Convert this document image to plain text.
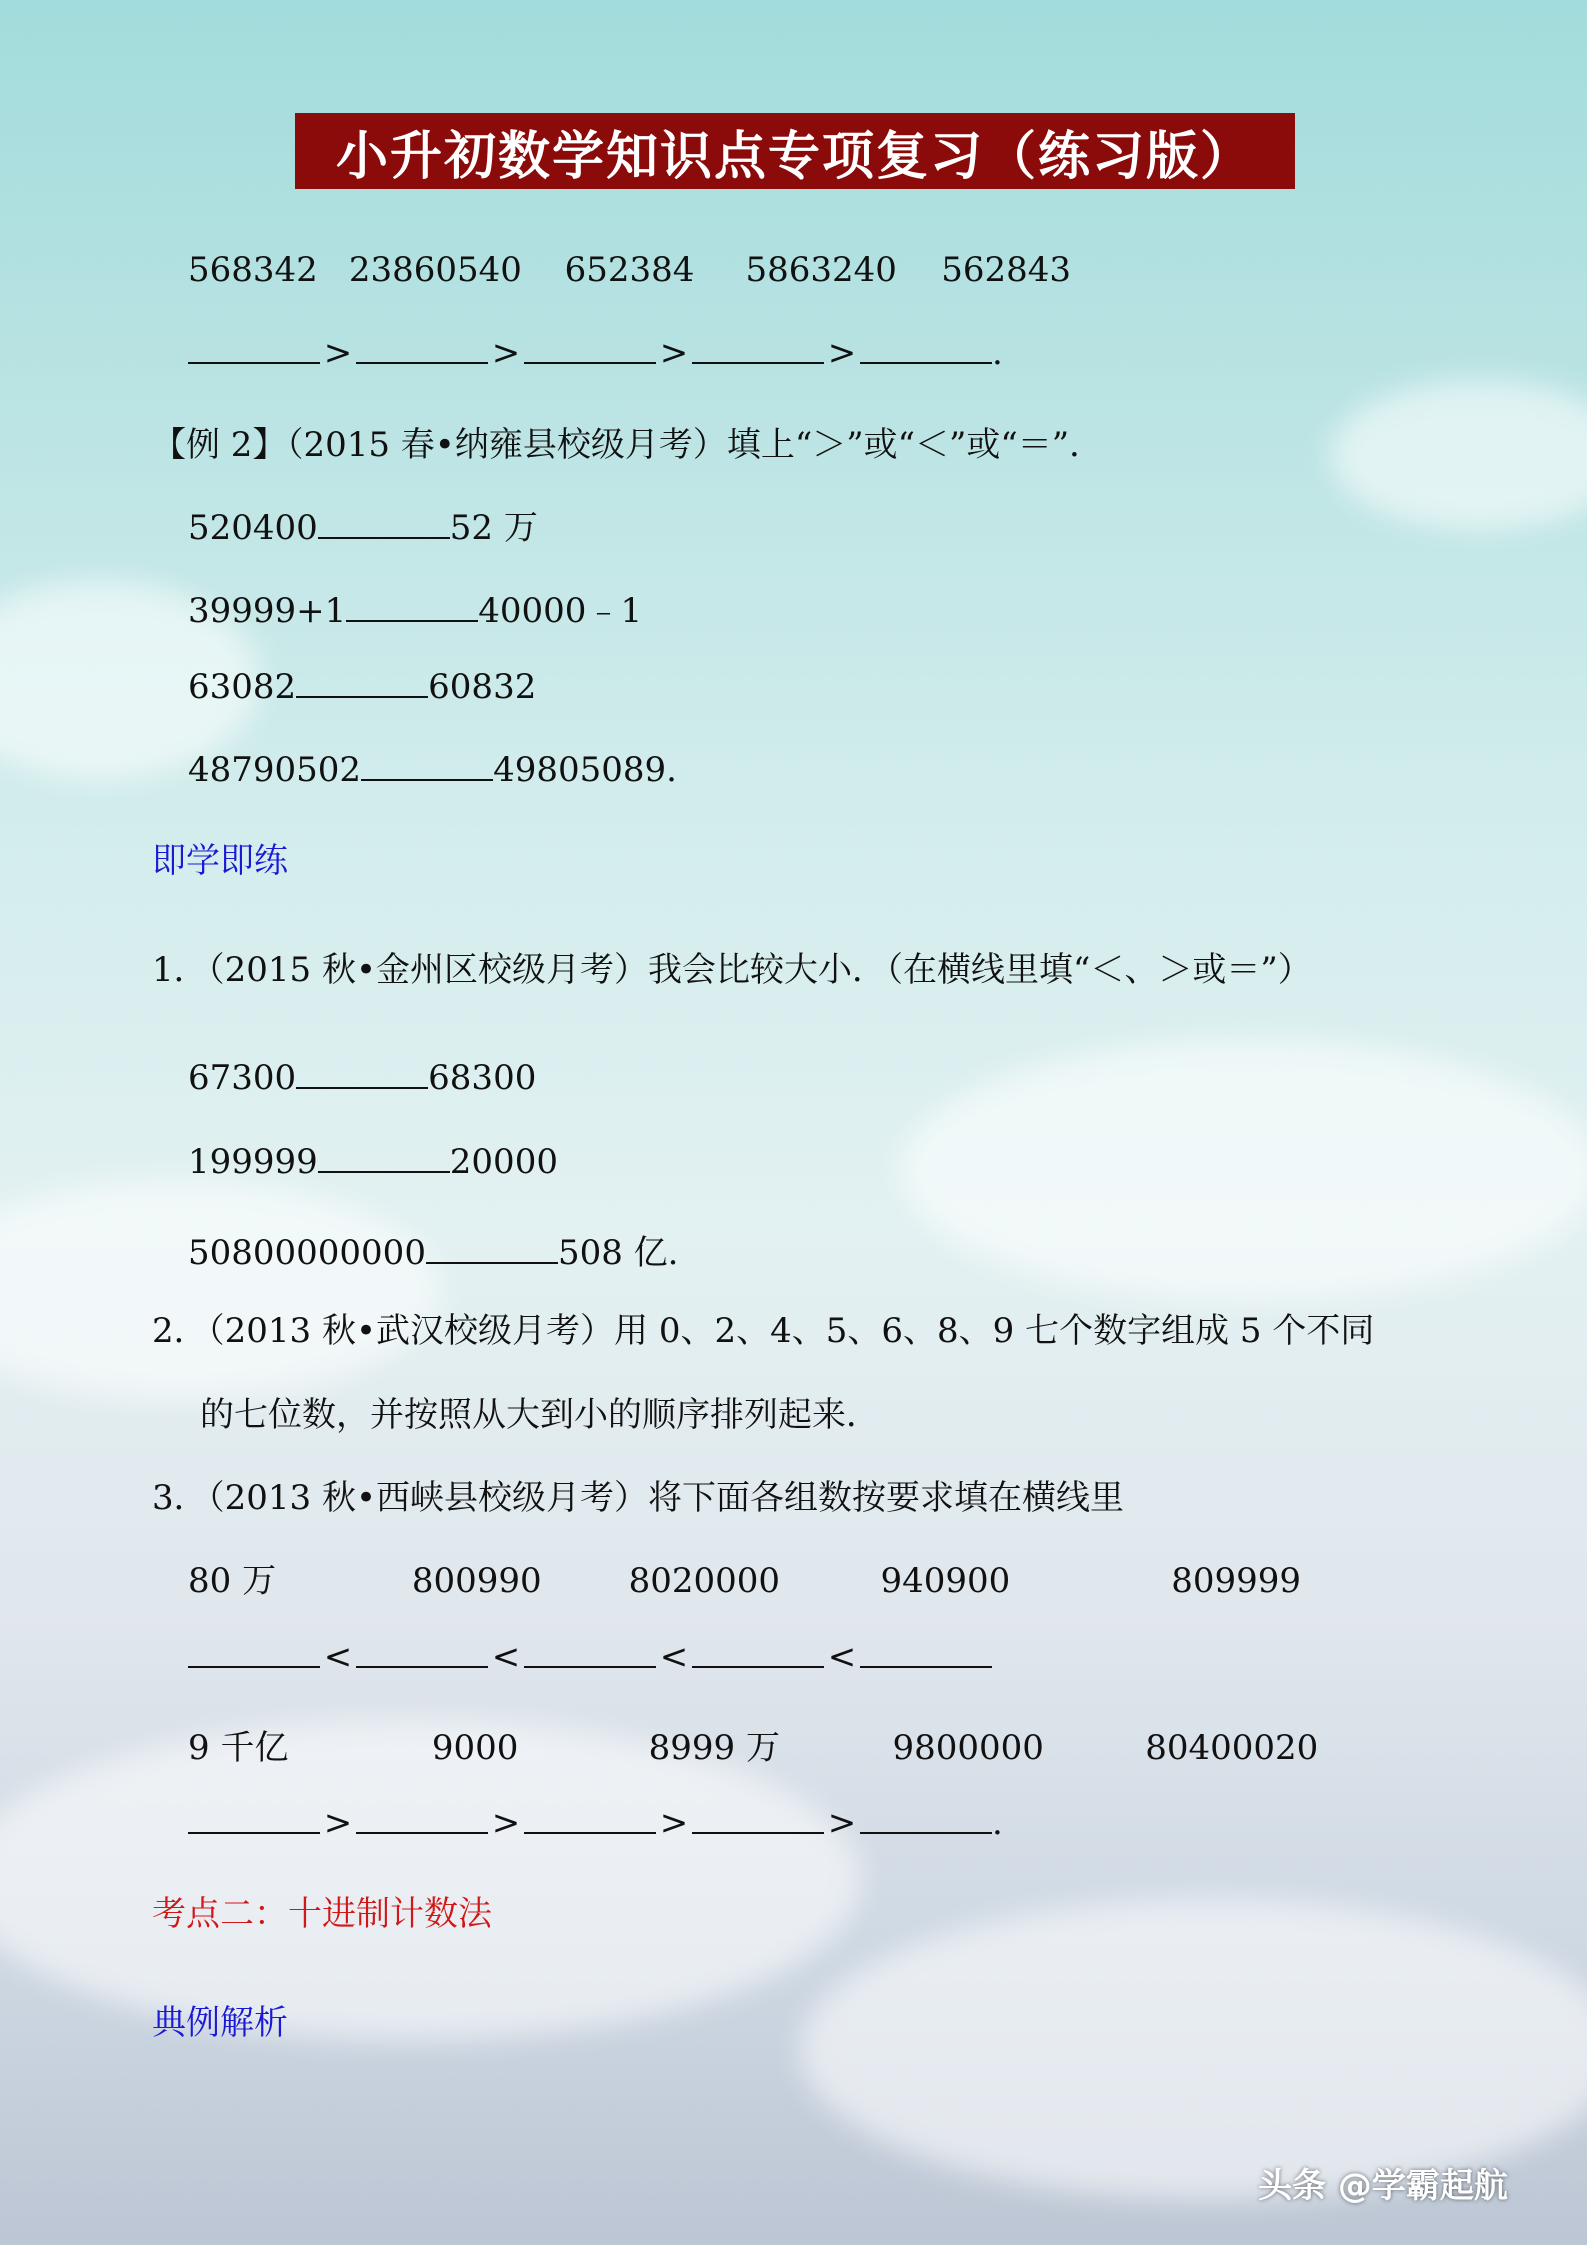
小升初数学知识点专项复习（练习版）
568342 23860540 652384 5863240 562843
>	>	>	>	.
【例 2】（2015 春•纳雍县校级月考）填上“＞”或“＜”或“＝”．
520400	52 万
39999+1	40000﹣1
63082	60832
48790502	49805089.
即学即练
1．（2015 秋•金州区校级月考）我会比较大小．（在横线里填“＜、＞或＝”）
67300	68300
199999	20000
50800000000	508 亿.
2．（2013 秋•武汉校级月考）用 0、2、4、5、6、8、9 七个数字组成 5 个不同
的七位数，并按照从大到小的顺序排列起来．
3．（2013 秋•西峡县校级月考）将下面各组数按要求填在横线里
80 万	800990	8020000	940900	809999
<	<	<	<
9 千亿	9000	8999 万	9800000	80400020
>	>	>	>	.
考点二：十进制计数法
典例解析
头条 @学霸起航
